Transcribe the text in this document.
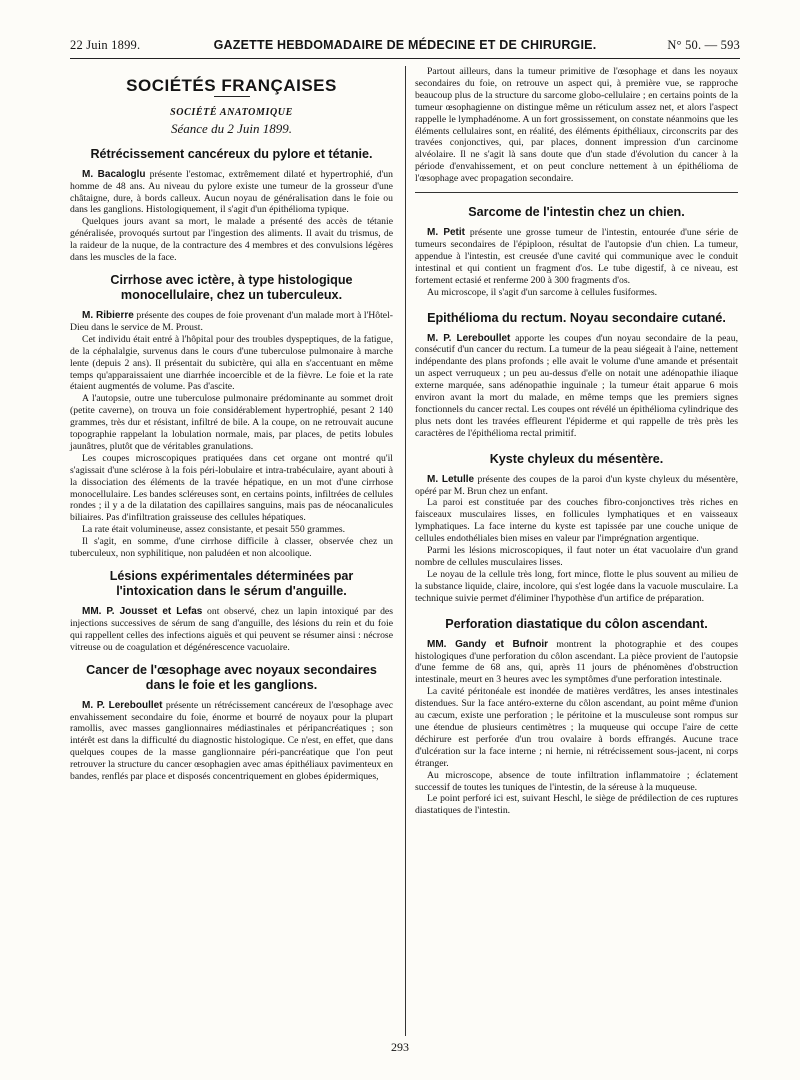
22 Juin 1899.	GAZETTE HEBDOMADAIRE DE MÉDECINE ET DE CHIRURGIE.	N° 50. — 593
SOCIÉTÉS FRANÇAISES
SOCIÉTÉ ANATOMIQUE
Séance du 2 Juin 1899.
Rétrécissement cancéreux du pylore et tétanie.

M. Bacaloglu présente l'estomac, extrêmement dilaté et hypertrophié, d'un homme de 48 ans. Au niveau du pylore existe une tumeur de la grosseur d'une châtaigne, dure, à bords calleux. Aucun noyau de généralisation dans le foie ou dans les ganglions. Histologiquement, il s'agit d'un épithélioma typique.

Quelques jours avant sa mort, le malade a présenté des accès de tétanie généralisée, provoqués surtout par l'ingestion des aliments. Il avait du trismus, de la raideur de la nuque, de la contracture des 4 membres et des convulsions légères dans les muscles de la face.

Cirrhose avec ictère, à type histologique monocellulaire, chez un tuberculeux.

M. Ribierre présente des coupes de foie provenant d'un malade mort à l'Hôtel-Dieu dans le service de M. Proust.

Cet individu était entré à l'hôpital pour des troubles dyspeptiques, de la fatigue, de la céphalalgie, survenus dans le cours d'une tuberculose pulmonaire à marche lente (depuis 2 ans). Il présentait du subictère, qui alla en s'accentuant en même temps qu'apparaissaient une diarrhée incoercible et de la fièvre. Le foie et la rate étaient augmentés de volume. Pas d'ascite.

A l'autopsie, outre une tuberculose pulmonaire prédominante au sommet droit (petite caverne), on trouva un foie considérablement hypertrophié, pesant 2 140 grammes, très dur et résistant, infiltré de bile. A la coupe, on ne retrouvait aucune topographie rappelant la lobulation normale, mais, par places, de petits lobules jaunâtres, plutôt que de véritables granulations.

Les coupes microscopiques pratiquées dans cet organe ont montré qu'il s'agissait d'une sclérose à la fois péri-lobulaire et intra-trabéculaire, ayant abouti à la dissociation des éléments de la travée hépatique, en un mot d'une cirrhose monocellulaire. Les bandes scléreuses sont, en certains points, infiltrées de cellules rondes ; il y a de la dilatation des capillaires sanguins, mais pas de néocanalicules biliaires. Pas d'infiltration graisseuse des cellules hépatiques.

La rate était volumineuse, assez consistante, et pesait 550 grammes.

Il s'agit, en somme, d'une cirrhose difficile à classer, observée chez un tuberculeux, non syphilitique, non paludéen et non alcoolique.

Lésions expérimentales déterminées par l'intoxication dans le sérum d'anguille.

MM. P. Jousset et Lefas ont observé, chez un lapin intoxiqué par des injections successives de sérum de sang d'anguille, des lésions du rein et du foie qui rappellent celles des infections aiguës et qui peuvent se résumer ainsi : nécrose vitreuse ou de coagulation et dégénérescence vacuolaire.

Cancer de l'œsophage avec noyaux secondaires dans le foie et les ganglions.

M. P. Lereboullet présente un rétrécissement cancéreux de l'œsophage avec envahissement secondaire du foie, énorme et bourré de noyaux pour la plupart ramollis, avec masses ganglionnaires médiastinales et péripancréatiques ; son intérêt est dans la difficulté du diagnostic histologique. Ce n'est, en effet, que dans quelques coupes de la masse ganglionnaire péri-pancréatique que l'on peut retrouver la structure du cancer œsophagien avec amas épithéliaux pavimenteux en bandes, renflés par place et disposés concentriquement en globes épidermiques,

Partout ailleurs, dans la tumeur primitive de l'œsophage et dans les noyaux secondaires du foie, on retrouve un aspect qui, à première vue, se rapproche beaucoup plus de la structure du sarcome globo-cellulaire ; en certains points de la tumeur œsophagienne on distingue même un réticulum assez net, et alors l'aspect rappelle le lymphadénome. A un fort grossissement, on constate néanmoins que les éléments cellulaires sont, en réalité, des éléments épithéliaux, circonscrits par des travées conjonctives, qui, par places, donnent impression d'un carcinome alvéolaire. Il ne s'agit là sans doute que d'un stade d'évolution du cancer à la période d'envahissement, et on peut conclure nettement à un épithélioma de l'œsophage avec propagation secondaire.

Sarcome de l'intestin chez un chien.

M. Petit présente une grosse tumeur de l'intestin, entourée d'une série de tumeurs secondaires de l'épiploon, résultat de l'autopsie d'un chien. La tumeur, appendue à l'intestin, est creusée d'une cavité qui communique avec le conduit intestinal et qui contient un fragment d'os. Le tube digestif, à ce niveau, est fortement ectasié et renferme 200 à 300 fragments d'os.

Au microscope, il s'agit d'un sarcome à cellules fusiformes.

Epithélioma du rectum. Noyau secondaire cutané.

M. P. Lereboullet apporte les coupes d'un noyau secondaire de la peau, consécutif d'un cancer du rectum. La tumeur de la peau siégeait à l'aine, nettement indépendante des plans profonds ; elle avait le volume d'une amande et présentait un aspect verruqueux ; un peu au-dessus d'elle on notait une adénopathie iliaque externe marquée, sans adénopathie inguinale ; la tumeur était apparue 6 mois environ avant la mort du malade, en même temps que les premiers signes fonctionnels du cancer rectal. Les coupes ont révélé un épithélioma cylindrique des plus nets dont les travées effleurent l'épiderme et qui rappelle de très près les caractères de l'épithélioma rectal primitif.

Kyste chyleux du mésentère.

M. Letulle présente des coupes de la paroi d'un kyste chyleux du mésentère, opéré par M. Brun chez un enfant.

La paroi est constituée par des couches fibro-conjonctives très riches en faisceaux musculaires lisses, en follicules lymphatiques et en vaisseaux lymphatiques. La face interne du kyste est tapissée par une couche unique de cellules endothéliales bien mises en valeur par l'imprégnation argentique.

Parmi les lésions microscopiques, il faut noter un état vacuolaire d'un grand nombre de cellules musculaires lisses.

Le noyau de la cellule très long, fort mince, flotte le plus souvent au milieu de la substance liquide, claire, incolore, qui s'est logée dans la vacuole musculaire. La technique suivie permet d'éliminer l'hypothèse d'un artifice de préparation.

Perforation diastatique du côlon ascendant.

MM. Gandy et Bufnoir montrent la photographie et des coupes histologiques d'une perforation du côlon ascendant. La pièce provient de l'autopsie d'une femme de 68 ans, qui, après 11 jours de phénomènes d'obstruction intestinale, meurt en 3 heures avec les symptômes d'une perforation intestinale.

La cavité péritonéale est inondée de matières verdâtres, les anses intestinales distendues. Sur la face antéro-externe du côlon ascendant, au point même d'union au cæcum, existe une perforation ; le péritoine et la musculeuse sont rompus sur une étendue de plusieurs centimètres ; la muqueuse qui occupe l'aire de cette déchirure est perforée d'un trou ovalaire à bords effrangés. Aucune trace d'ulcération sur la face interne ; ni hernie, ni rétrécissement sous-jacent, ni corps étranger.

Au microscope, absence de toute infiltration inflammatoire ; éclatement successif de toutes les tuniques de l'intestin, de la séreuse à la muqueuse.

Le point perforé ici est, suivant Heschl, le siège de prédilection de ces ruptures diastatiques de l'intestin.

293
